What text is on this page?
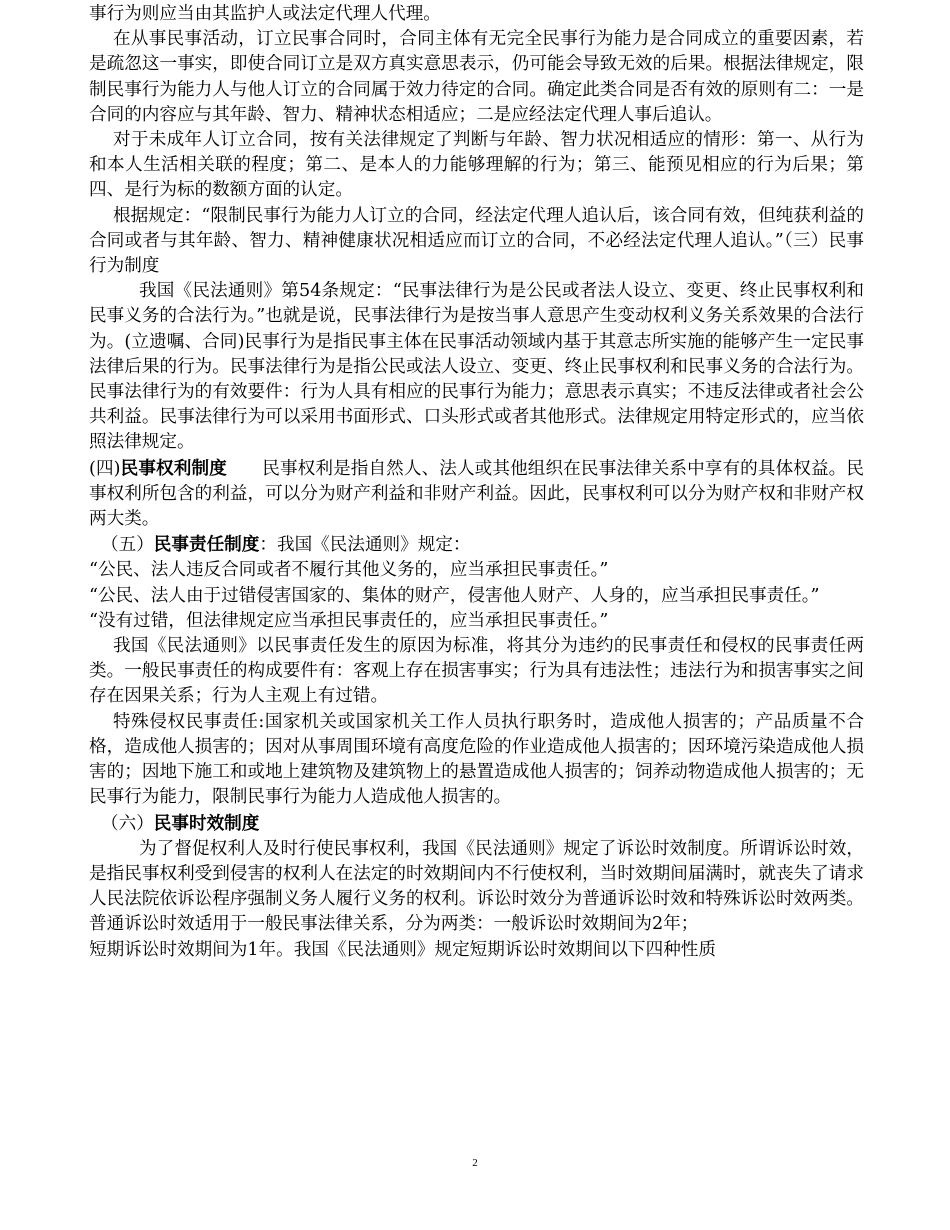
事行为则应当由其监护人或法定代理人代理。

在从事民事活动，订立民事合同时，合同主体有无完全民事行为能力是合同成立的重要因素，若是疏忽这一事实，即使合同订立是双方真实意思表示，仍可能会导致无效的后果。根据法律规定，限制民事行为能力人与他人订立的合同属于效力待定的合同。确定此类合同是否有效的原则有二：一是合同的内容应与其年龄、智力、精神状态相适应；二是应经法定代理人事后追认。

对于未成年人订立合同，按有关法律规定了判断与年龄、智力状况相适应的情形：第一、从行为和本人生活相关联的程度；第二、是本人的力能够理解的行为；第三、能预见相应的行为后果；第四、是行为标的数额方面的认定。

根据规定：“限制民事行为能力人订立的合同，经法定代理人追认后，该合同有效，但纯获利益的合同或者与其年龄、智力、精神健康状况相适应而订立的合同，不必经法定代理人追认。”（三）民事行为制度

我国《民法通则》第54条规定：“民事法律行为是公民或者法人设立、变更、终止民事权利和民事义务的合法行为。”也就是说，民事法律行为是按当事人意思产生变动权利义务关系效果的合法行为。(立遗嘱、合同)民事行为是指民事主体在民事活动领域内基于其意志所实施的能够产生一定民事法律后果的行为。民事法律行为是指公民或法人设立、变更、终止民事权利和民事义务的合法行为。民事法律行为的有效要件：行为人具有相应的民事行为能力；意思表示真实；不违反法律或者社会公共利益。民事法律行为可以采用书面形式、口头形式或者其他形式。法律规定用特定形式的，应当依照法律规定。

(四)民事权利制度　　民事权利是指自然人、法人或其他组织在民事法律关系中享有的具体权益。民事权利所包含的利益，可以分为财产利益和非财产利益。因此，民事权利可以分为财产权和非财产权两大类。

（五）民事责任制度：我国《民法通则》规定：

“公民、法人违反合同或者不履行其他义务的，应当承担民事责任。”

“公民、法人由于过错侵害国家的、集体的财产，侵害他人财产、人身的，应当承担民事责任。”

“没有过错，但法律规定应当承担民事责任的，应当承担民事责任。”

我国《民法通则》以民事责任发生的原因为标准，将其分为违约的民事责任和侵权的民事责任两类。一般民事责任的构成要件有：客观上存在损害事实；行为具有违法性；违法行为和损害事实之间存在因果关系；行为人主观上有过错。

特殊侵权民事责任:国家机关或国家机关工作人员执行职务时，造成他人损害的；产品质量不合格，造成他人损害的；因对从事周围环境有高度危险的作业造成他人损害的；因环境污染造成他人损害的；因地下施工和或地上建筑物及建筑物上的悬置造成他人损害的；饲养动物造成他人损害的；无民事行为能力，限制民事行为能力人造成他人损害的。

（六）民事时效制度

为了督促权利人及时行使民事权利，我国《民法通则》规定了诉讼时效制度。所谓诉讼时效，是指民事权利受到侵害的权利人在法定的时效期间内不行使权利，当时效期间届满时，就丧失了请求人民法院依诉讼程序强制义务人履行义务的权利。诉讼时效分为普通诉讼时效和特殊诉讼时效两类。普通诉讼时效适用于一般民事法律关系，分为两类：一般诉讼时效期间为2年；

短期诉讼时效期间为1年。我国《民法通则》规定短期诉讼时效期间以下四种性质

2
